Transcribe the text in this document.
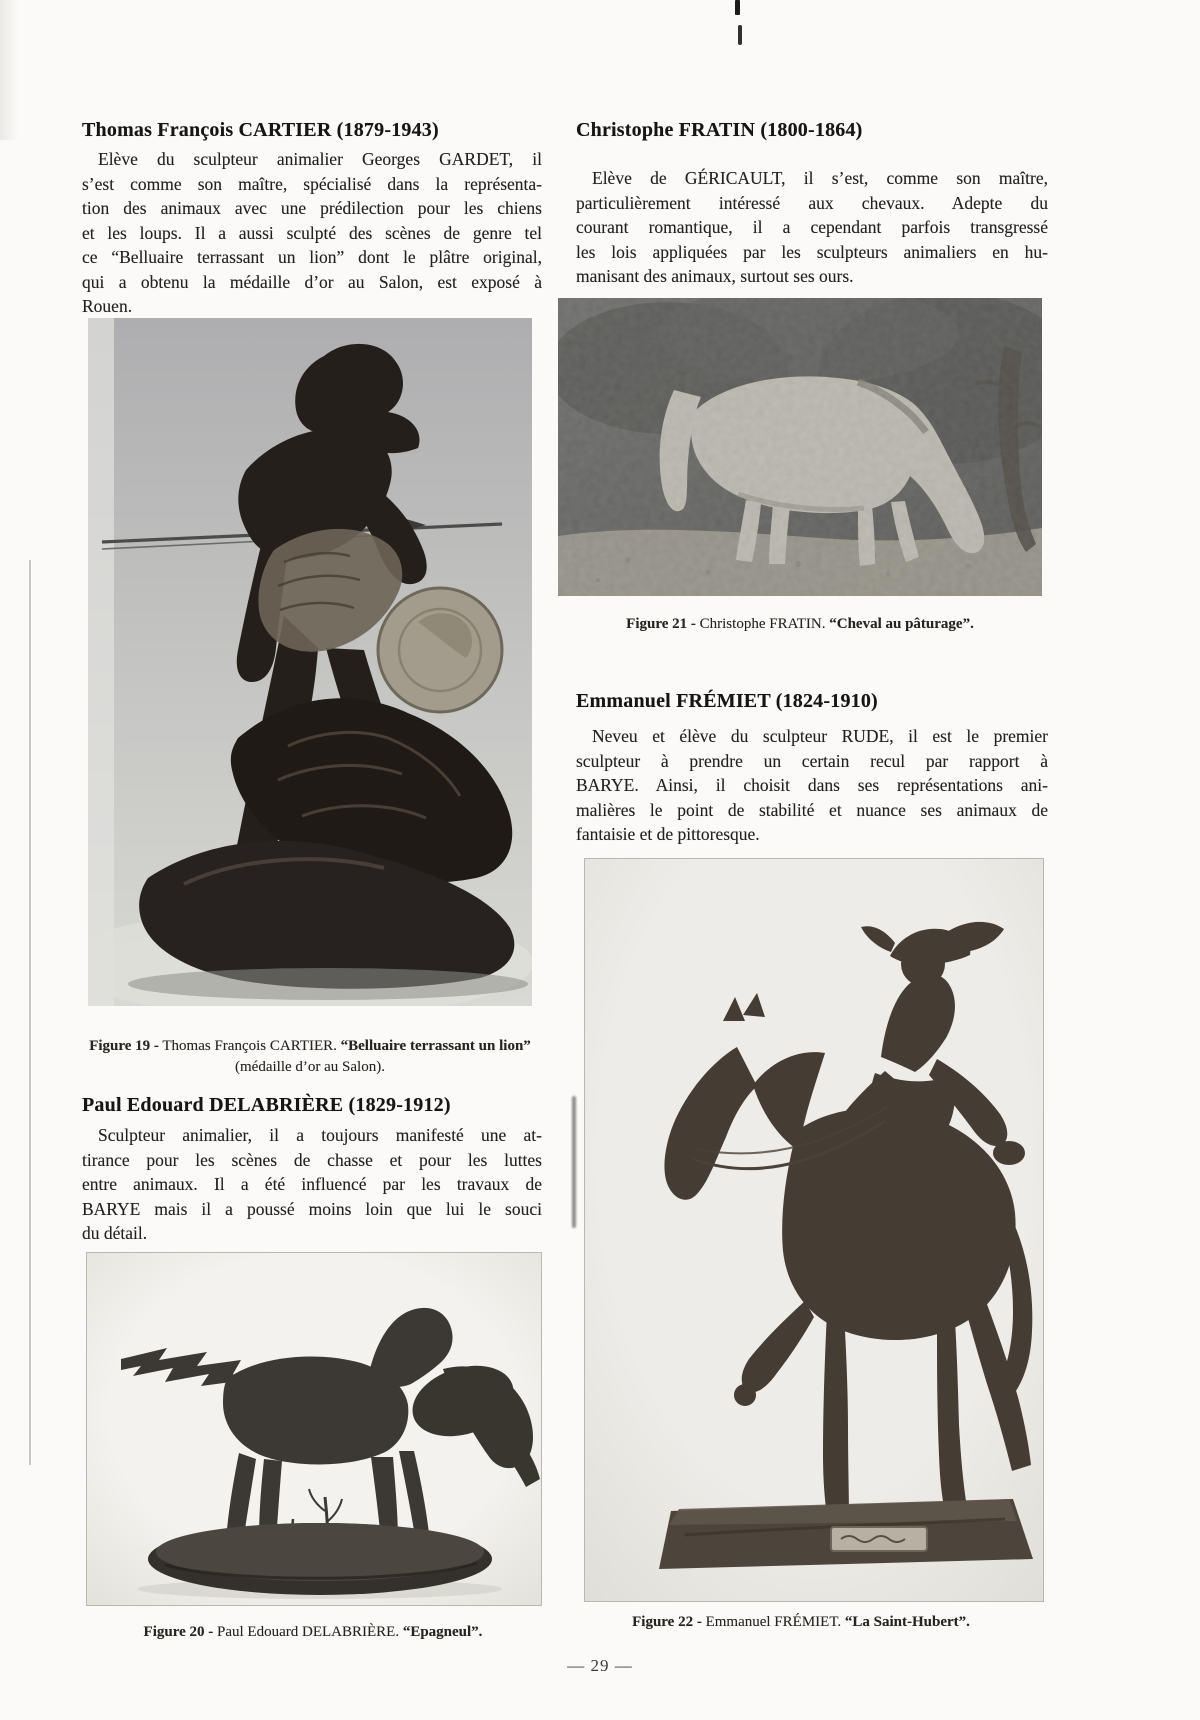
Thomas François CARTIER (1879-1943)
Elève du sculpteur animalier Georges GARDET, il
s’est comme son maître, spécialisé dans la représenta-
tion des animaux avec une prédilection pour les chiens
et les loups. Il a aussi sculpté des scènes de genre tel
ce “Belluaire terrassant un lion” dont le plâtre original,
qui a obtenu la médaille d’or au Salon, est exposé à
Rouen.
Figure 19 - Thomas François CARTIER. “Belluaire terrassant un lion” (médaille d’or au Salon).
Paul Edouard DELABRIÈRE (1829-1912)
Sculpteur animalier, il a toujours manifesté une at-
tirance pour les scènes de chasse et pour les luttes
entre animaux. Il a été influencé par les travaux de
BARYE mais il a poussé moins loin que lui le souci
du détail.
Figure 20 - Paul Edouard DELABRIÈRE. “Epagneul”.
Christophe FRATIN (1800-1864)
Elève de GÉRICAULT, il s’est, comme son maître,
particulièrement intéressé aux chevaux. Adepte du
courant romantique, il a cependant parfois transgressé
les lois appliquées par les sculpteurs animaliers en hu-
manisant des animaux, surtout ses ours.
Figure 21 - Christophe FRATIN. “Cheval au pâturage”.
Emmanuel FRÉMIET (1824-1910)
Neveu et élève du sculpteur RUDE, il est le premier
sculpteur à prendre un certain recul par rapport à
BARYE. Ainsi, il choisit dans ses représentations ani-
malières le point de stabilité et nuance ses animaux de
fantaisie et de pittoresque.
Figure 22 - Emmanuel FRÉMIET. “La Saint-Hubert”.
— 29 —
